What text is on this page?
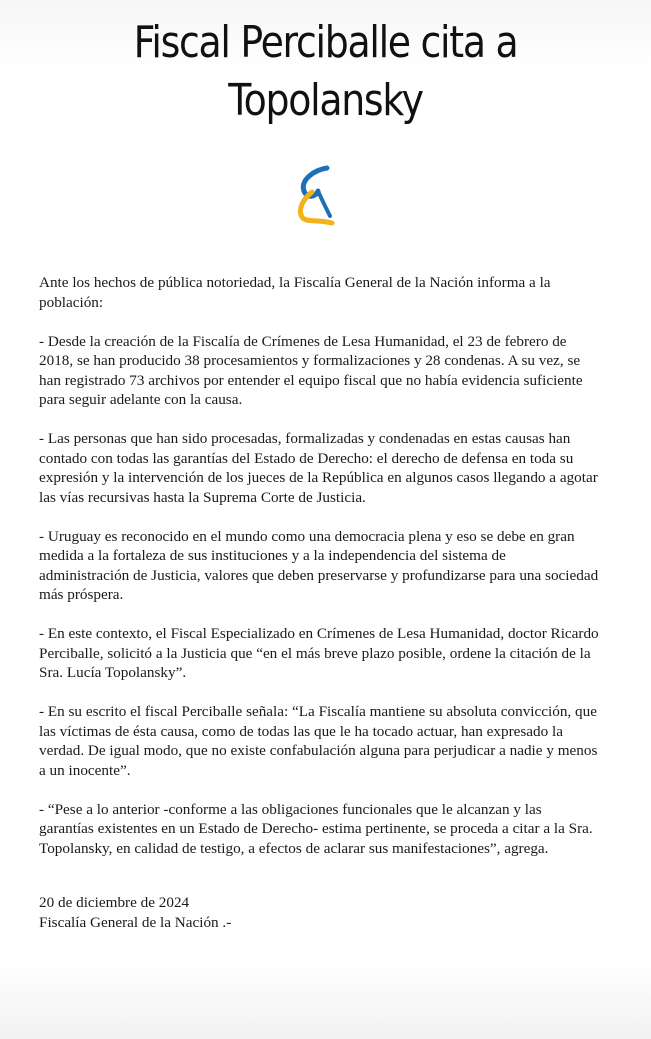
Fiscal Perciballe cita a
Topolansky

Ante los hechos de pública notoriedad, la Fiscalía General de la Nación informa a la población:

- Desde la creación de la Fiscalía de Crímenes de Lesa Humanidad, el 23 de febrero de 2018, se han producido 38 procesamientos y formalizaciones y 28 condenas. A su vez, se han registrado 73 archivos por entender el equipo fiscal que no había evidencia suficiente para seguir adelante con la causa.

- Las personas que han sido procesadas, formalizadas y condenadas en estas causas han contado con todas las garantías del Estado de Derecho: el derecho de defensa en toda su expresión y la intervención de los jueces de la República en algunos casos llegando a agotar las vías recursivas hasta la Suprema Corte de Justicia.

- Uruguay es reconocido en el mundo como una democracia plena y eso se debe en gran medida a la fortaleza de sus instituciones y a la independencia del sistema de administración de Justicia, valores que deben preservarse y profundizarse para una sociedad más próspera.

- En este contexto, el Fiscal Especializado en Crímenes de Lesa Humanidad, doctor Ricardo Perciballe, solicitó a la Justicia que “en el más breve plazo posible, ordene la citación de la Sra. Lucía Topolansky”.

- En su escrito el fiscal Perciballe señala: “La Fiscalía mantiene su absoluta convicción, que las víctimas de ésta causa, como de todas las que le ha tocado actuar, han expresado la verdad. De igual modo, que no existe confabulación alguna para perjudicar a nadie y menos a un inocente”.

- “Pese a lo anterior -conforme a las obligaciones funcionales que le alcanzan y las garantías existentes en un Estado de Derecho- estima pertinente, se proceda a citar a la Sra. Topolansky, en calidad de testigo, a efectos de aclarar sus manifestaciones”, agrega.

20 de diciembre de 2024
Fiscalía General de la Nación .-
